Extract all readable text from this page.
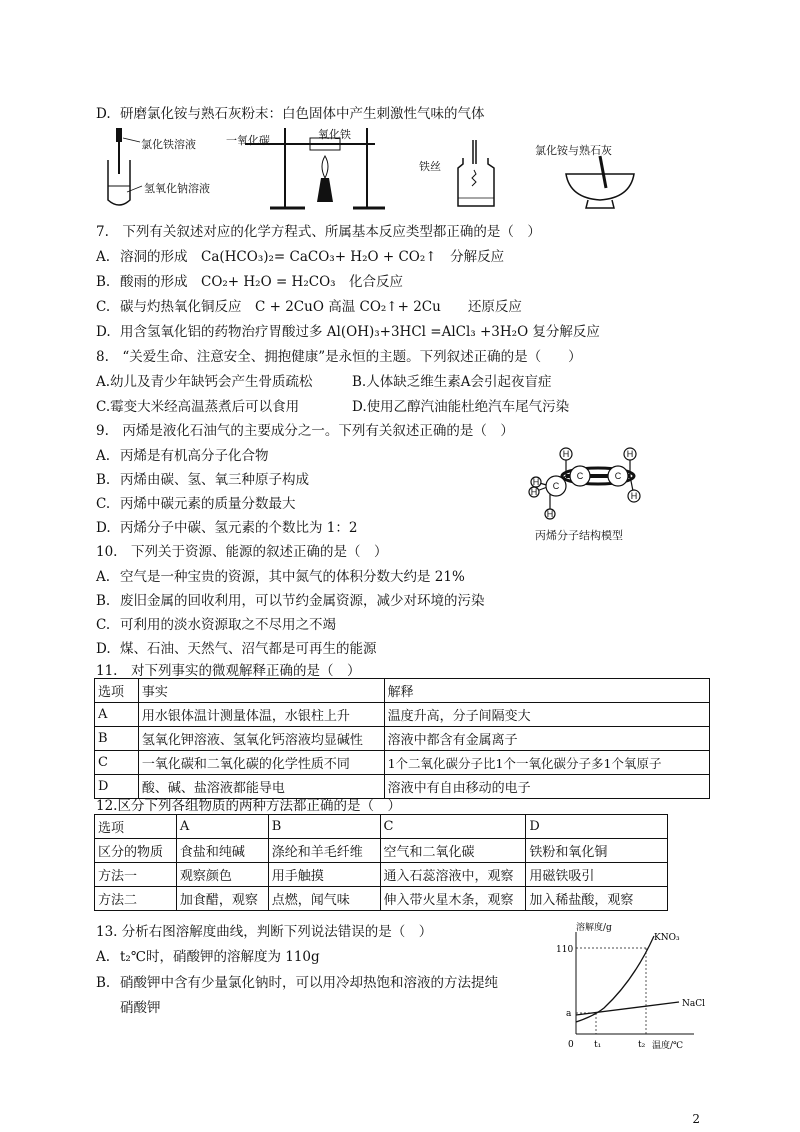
D. 研磨氯化铵与熟石灰粉末：白色固体中产生刺激性气味的气体
氯化铁溶液
氢氧化钠溶液
一氧化碳	氧化铁
铁丝
氯化铵与熟石灰
7.　下列有关叙述对应的化学方程式、所属基本反应类型都正确的是（　）
A. 溶洞的形成　Ca(HCO₃)₂= CaCO₃+ H₂O + CO₂↑　分解反应
B. 酸雨的形成　CO₂+ H₂O = H₂CO₃　化合反应
C. 碳与灼热氧化铜反应　C + 2CuO 高温 CO₂↑+ 2Cu　　还原反应
D. 用含氢氧化铝的药物治疗胃酸过多 Al(OH)₃+3HCl =AlCl₃ +3H₂O 复分解反应
8.　“关爱生命、注意安全、拥抱健康”是永恒的主题。下列叙述正确的是（　　）
A.幼儿及青少年缺钙会产生骨质疏松	B.人体缺乏维生素A会引起夜盲症
C.霉变大米经高温蒸煮后可以食用	D.使用乙醇汽油能杜绝汽车尾气污染
9.　丙烯是液化石油气的主要成分之一。下列有关叙述正确的是（　）
A. 丙烯是有机高分子化合物
B. 丙烯由碳、氢、氧三种原子构成
C. 丙烯中碳元素的质量分数最大
D. 丙烯分子中碳、氢元素的个数比为 1：2
C	C
C
H	H
H
H
H
H
丙烯分子结构模型
10.　下列关于资源、能源的叙述正确的是（　）
A. 空气是一种宝贵的资源，其中氮气的体积分数大约是 21%
B. 废旧金属的回收利用，可以节约金属资源，减少对环境的污染
C. 可利用的淡水资源取之不尽用之不竭
D. 煤、石油、天然气、沼气都是可再生的能源
11.　对下列事实的微观解释正确的是（　）
选项	事实	解释
A	用水银体温计测量体温，水银柱上升	温度升高，分子间隔变大
B	氢氧化钾溶液、氢氧化钙溶液均显碱性	溶液中都含有金属离子
C	一氧化碳和二氧化碳的化学性质不同	1个二氧化碳分子比1个一氧化碳分子多1个氧原子
D	酸、碱、盐溶液都能导电	溶液中有自由移动的电子
12.区分下列各组物质的两种方法都正确的是（　）
选项	A	B	C	D
区分的物质	食盐和纯碱	涤纶和羊毛纤维	空气和二氧化碳	铁粉和氧化铜
方法一	观察颜色	用手触摸	通入石蕊溶液中，观察	用磁铁吸引
方法二	加食醋，观察	点燃，闻气味	伸入带火星木条，观察	加入稀盐酸，观察
13. 分析右图溶解度曲线，判断下列说法错误的是（　）
A. t₂℃时，硝酸钾的溶解度为 110g
B. 硝酸钾中含有少量氯化钠时，可以用冷却热饱和溶液的方法提纯
硝酸钾
溶解度/g
温度/℃
0 t₁	t₂
a
110
KNO₃
NaCl
2
